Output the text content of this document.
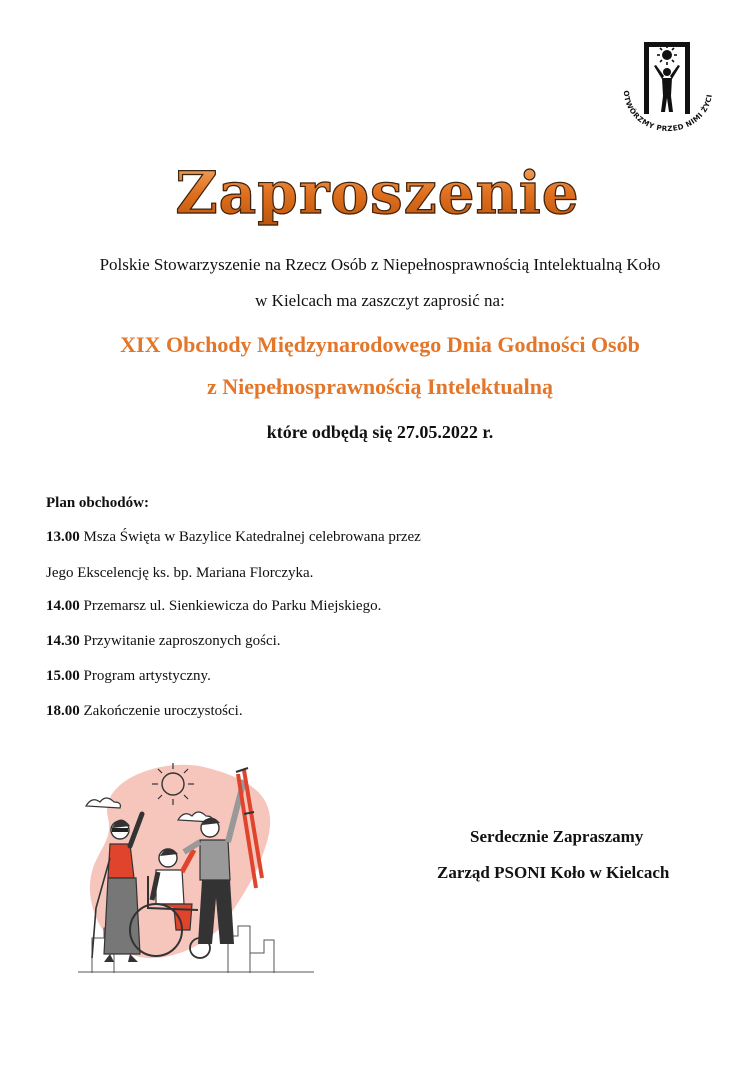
OTWÓRZMY PRZED NIMI ŻYCI
Zaproszenie
Polskie Stowarzyszenie na Rzecz Osób z Niepełnosprawnością Intelektualną Koło
w Kielcach ma zaszczyt zaprosić na:
XIX Obchody Międzynarodowego Dnia Godności Osób
z Niepełnosprawnością Intelektualną
które odbędą się 27.05.2022 r.
Plan obchodów:
13.00 Msza Święta w Bazylice Katedralnej celebrowana przez
Jego Ekscelencję ks. bp. Mariana Florczyka.
14.00 Przemarsz ul. Sienkiewicza do Parku Miejskiego.
14.30 Przywitanie zaproszonych gości.
15.00 Program artystyczny.
18.00 Zakończenie uroczystości.
Serdecznie Zapraszamy
Zarząd PSONI Koło w Kielcach
